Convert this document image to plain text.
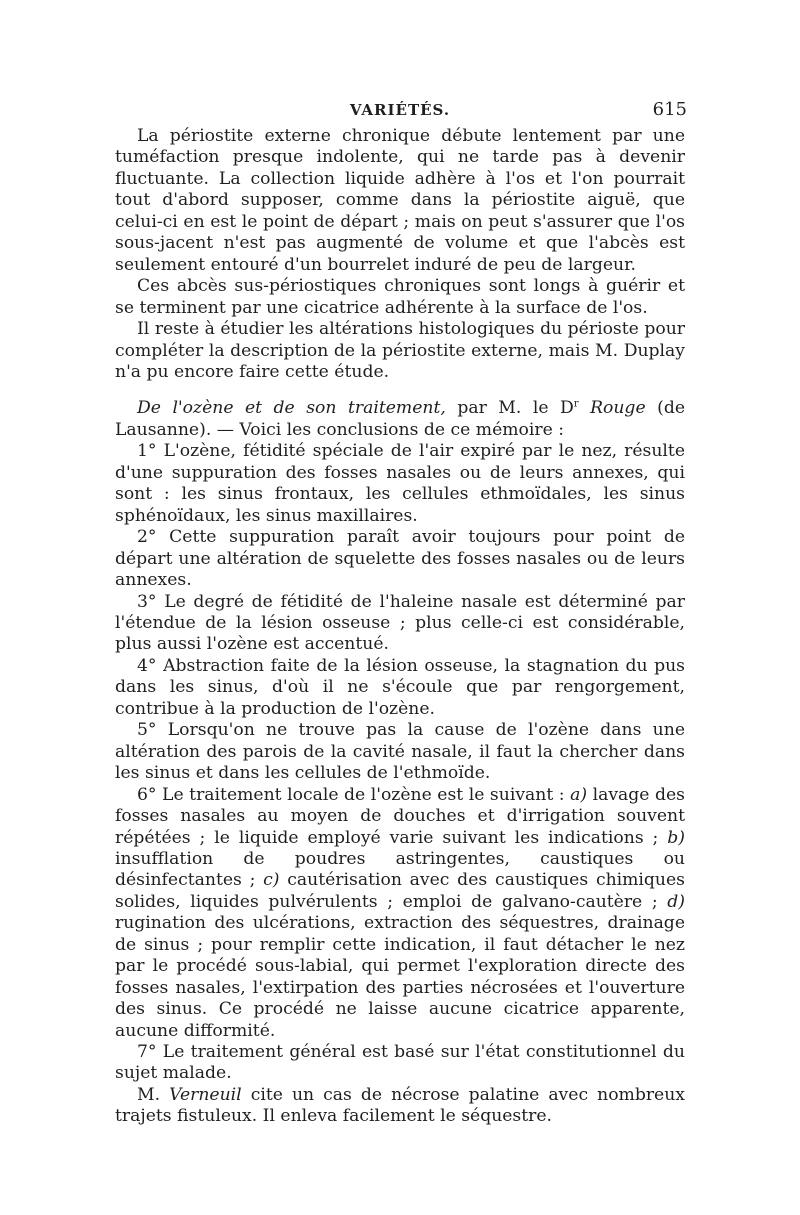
VARIÉTÉS.	615

La périostite externe chronique débute lentement par une tuméfaction presque indolente, qui ne tarde pas à devenir fluctuante. La collection liquide adhère à l'os et l'on pourrait tout d'abord supposer, comme dans la périostite aiguë, que celui-ci en est le point de départ ; mais on peut s'assurer que l'os sous-jacent n'est pas augmenté de volume et que l'abcès est seulement entouré d'un bourrelet induré de peu de largeur.

Ces abcès sus-périostiques chroniques sont longs à guérir et se terminent par une cicatrice adhérente à la surface de l'os.

Il reste à étudier les altérations histologiques du périoste pour compléter la description de la périostite externe, mais M. Duplay n'a pu encore faire cette étude.

De l'ozène et de son traitement, par M. le $D^r$ Rouge (de Lausanne). — Voici les conclusions de ce mémoire :

1° L'ozène, fétidité spéciale de l'air expiré par le nez, résulte d'une suppuration des fosses nasales ou de leurs annexes, qui sont : les sinus frontaux, les cellules ethmoïdales, les sinus sphénoïdaux, les sinus maxillaires.

2° Cette suppuration paraît avoir toujours pour point de départ une altération de squelette des fosses nasales ou de leurs annexes.

3° Le degré de fétidité de l'haleine nasale est déterminé par l'étendue de la lésion osseuse ; plus celle-ci est considérable, plus aussi l'ozène est accentué.

4° Abstraction faite de la lésion osseuse, la stagnation du pus dans les sinus, d'où il ne s'écoule que par rengorgement, contribue à la production de l'ozène.

5° Lorsqu'on ne trouve pas la cause de l'ozène dans une altération des parois de la cavité nasale, il faut la chercher dans les sinus et dans les cellules de l'ethmoïde.

6° Le traitement locale de l'ozène est le suivant : a) lavage des fosses nasales au moyen de douches et d'irrigation souvent répétées ; le liquide employé varie suivant les indications ; b) insufflation de poudres astringentes, caustiques ou désinfectantes ; c) cautérisation avec des caustiques chimiques solides, liquides pulvérulents ; emploi de galvano-cautère ; d) rugination des ulcérations, extraction des séquestres, drainage de sinus ; pour remplir cette indication, il faut détacher le nez par le procédé sous-labial, qui permet l'exploration directe des fosses nasales, l'extirpation des parties nécrosées et l'ouverture des sinus. Ce procédé ne laisse aucune cicatrice apparente, aucune difformité.

7° Le traitement général est basé sur l'état constitutionnel du sujet malade.

M. Verneuil cite un cas de nécrose palatine avec nombreux trajets fistuleux. Il enleva facilement le séquestre.
